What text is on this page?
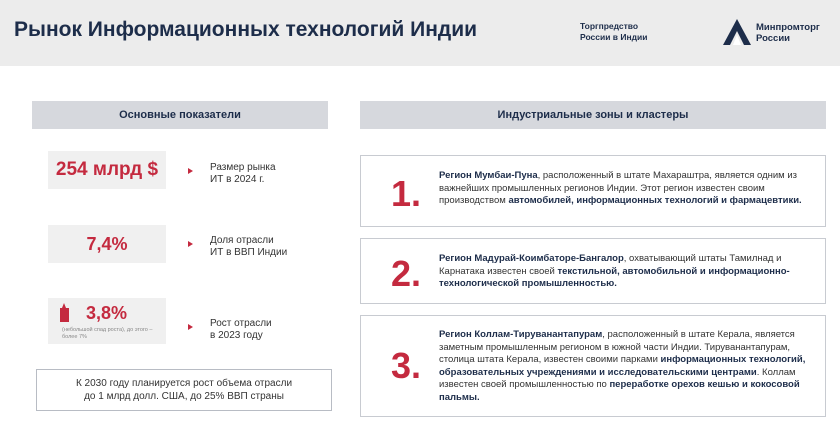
Рынок Информационных технологий Индии	Торгпредство
России в Индии
Минпромторг
России
Основные показатели	Индустриальные зоны и кластеры
254 млрд $	Размер рынка
ИТ в 2024 г.
7,4%	Доля отрасли
ИТ в ВВП Индии
3,8%
(небольшой спад роста), до этого – более 7%
Рост отрасли
в 2023 году
К 2030 году планируется рост объема отрасли
до 1 млрд долл. США, до 25% ВВП страны
1. Регион Мумбаи-Пуна, расположенный в штате Махараштра, является одним из важнейших промышленных регионов Индии. Этот регион известен своим производством автомобилей, информационных технологий и фармацевтики.
2. Регион Мадурай-Коимбаторе-Бангалор, охватывающий штаты Тамилнад и Карнатака известен своей текстильной, автомобильной и информационно-технологической промышленностью.
3.
Регион Коллам-Тируванантапурам, расположенный в штате Керала, является заметным промышленным регионом в южной части Индии. Тируванантапурам, столица штата Керала, известен своими парками информационных технологий, образовательных учреждениями и исследовательскими центрами. Коллам известен своей промышленностью по переработке орехов кешью и кокосовой пальмы.
